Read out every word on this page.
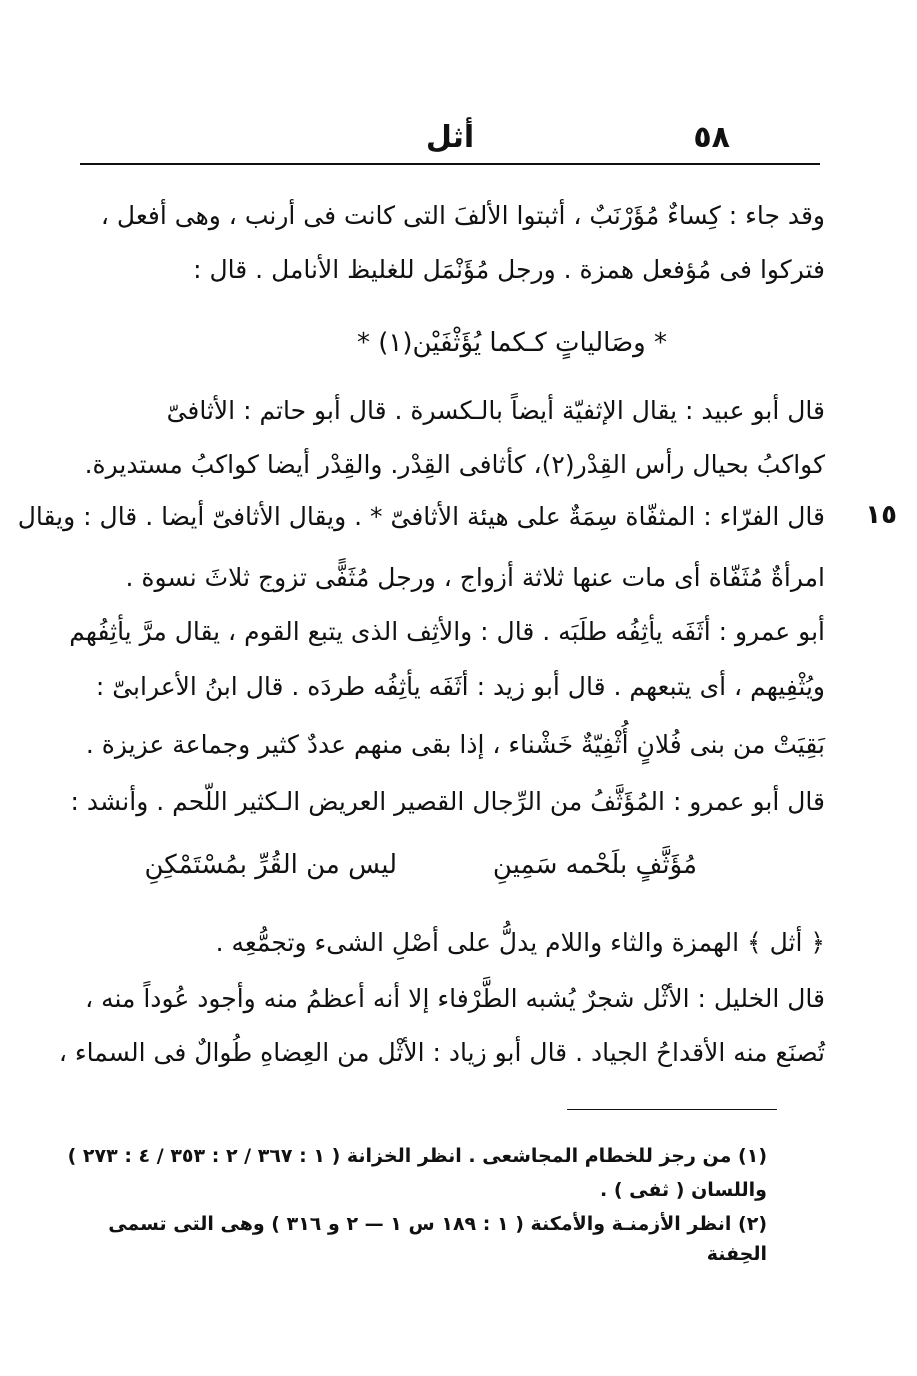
٥٨
أثل
وقد جاء : كِساءٌ مُؤَرْنَبٌ ، أثبتوا الألفَ التى كانت فى أرنب ، وهى أفعل ،
فتركوا فى مُؤفعل همزة . ورجل مُؤَنْمَل للغليظ الأنامل . قال :
* وصَالياتٍ كـكما يُؤَثْفَيْن(١) *
قال أبو عبيد : يقال الإثفيّة أيضاً بالـكسرة . قال أبو حاتم : الأثافىّ
كواكبُ بحيال رأس القِدْر(٢)، كأثافى القِدْر. والقِدْر أيضا كواكبُ مستديرة.
١٥
قال الفرّاء : المثفّاة سِمَةٌ على هيئة الأثافىّ * . ويقال الأثافىّ أيضا . قال : ويقال
امرأةٌ مُثَفّاة أى مات عنها ثلاثة أزواج ، ورجل مُثَفًّى تزوج ثلاثَ نسوة .
أبو عمرو : أثَفَه يأثِفُه طلَبَه . قال : والأثِف الذى يتبع القوم ، يقال مرَّ يأثِفُهم
ويُثْفِيهم ، أى يتبعهم . قال أبو زيد : أثَفَه يأثِفُه طردَه . قال ابنُ الأعرابىّ :
بَقِيَتْ من بنى فُلانٍ أُثْفِيّةٌ خَشْناء ، إذا بقى منهم عددٌ كثير وجماعة عزيزة .
قال أبو عمرو : المُؤَثَّفُ من الرِّجال القصير العريض الـكثير اللّحم . وأنشد :
ليس من القُرِّ بمُسْتَمْكِنِ	مُؤَثَّفٍ بلَحْمه سَمِينِ
﴿ أثل ﴾ الهمزة والثاء واللام يدلُّ على أصْلِ الشىء وتجمُّعِه .
قال الخليل : الأثْل شجرٌ يُشبه الطَّرْفاء إلا أنه أعظمُ منه وأجود عُوداً منه ،
تُصنَع منه الأقداحُ الجياد . قال أبو زياد : الأثْل من العِضاهِ طُوالٌ فى السماء ،
(١) من رجز للخطام المجاشعى . انظر الخزانة ( ١ : ٣٦٧ / ٢ : ٣٥٣ / ٤ : ٢٧٣ )
واللسان ( ثفى ) .
(٢) انظر الأزمنـة والأمكنة ( ١ : ١٨٩ س ١ — ٢ و ٣١٦ ) وهى التى تسمى
الحِفنة
